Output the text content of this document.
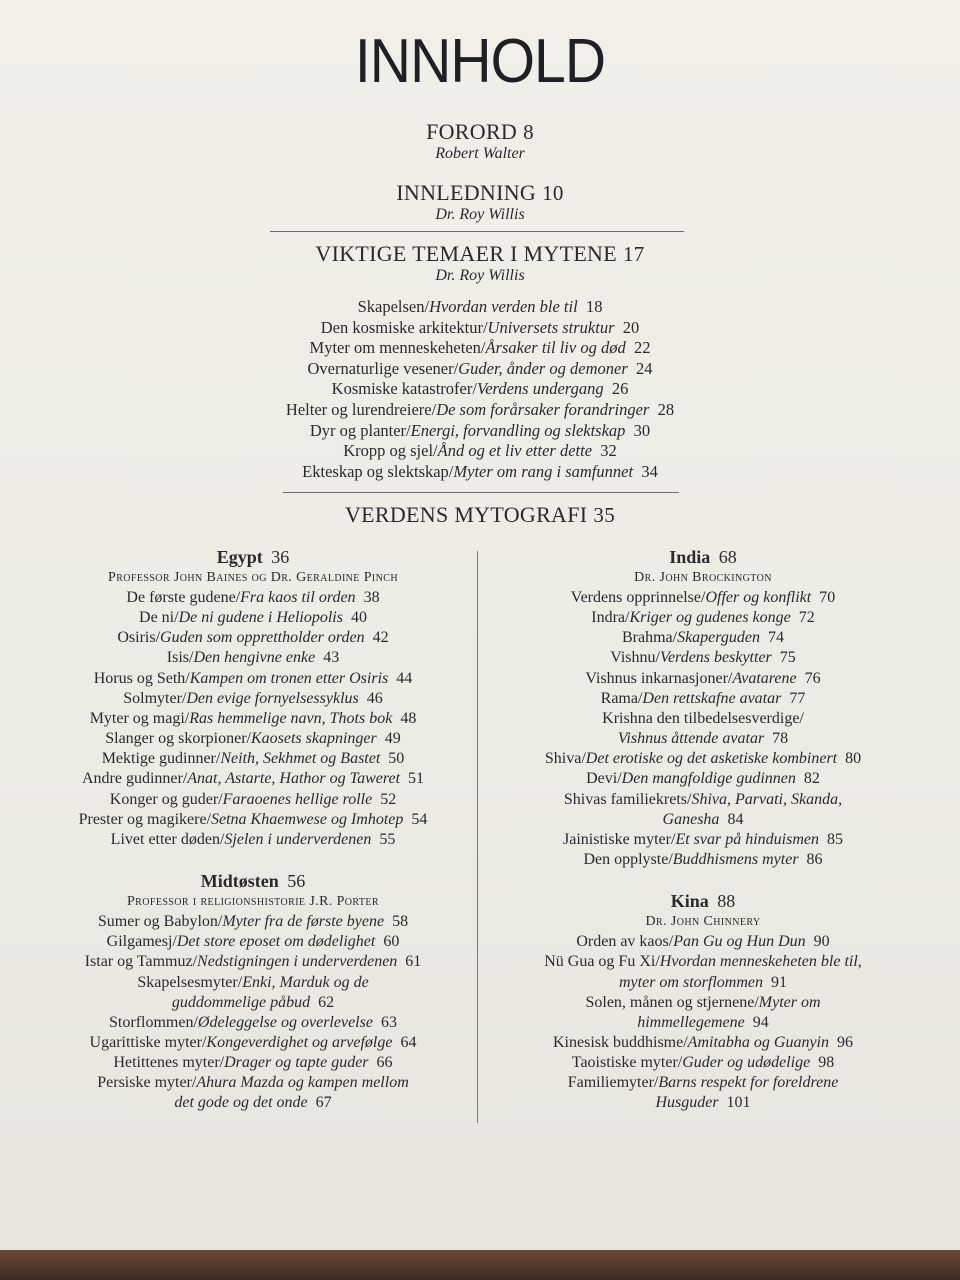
INNHOLD
FORORD 8
Robert Walter
INNLEDNING 10
Dr. Roy Willis
VIKTIGE TEMAER I MYTENE 17
Dr. Roy Willis
Skapelsen/Hvordan verden ble til 18
Den kosmiske arkitektur/Universets struktur 20
Myter om menneskeheten/Årsaker til liv og død 22
Overnaturlige vesener/Guder, ånder og demoner 24
Kosmiske katastrofer/Verdens undergang 26
Helter og lurendreiere/De som forårsaker forandringer 28
Dyr og planter/Energi, forvandling og slektskap 30
Kropp og sjel/Ånd og et liv etter dette 32
Ekteskap og slektskap/Myter om rang i samfunnet 34
VERDENS MYTOGRAFI 35
Egypt 36
Professor John Baines og Dr. Geraldine Pinch
De første gudene/Fra kaos til orden 38
De ni/De ni gudene i Heliopolis 40
Osiris/Guden som opprettholder orden 42
Isis/Den hengivne enke 43
Horus og Seth/Kampen om tronen etter Osiris 44
Solmyter/Den evige fornyelsessyklus 46
Myter og magi/Ras hemmelige navn, Thots bok 48
Slanger og skorpioner/Kaosets skapninger 49
Mektige gudinner/Neith, Sekhmet og Bastet 50
Andre gudinner/Anat, Astarte, Hathor og Taweret 51
Konger og guder/Faraoenes hellige rolle 52
Prester og magikere/Setna Khaemwese og Imhotep 54
Livet etter døden/Sjelen i underverdenen 55
Midtøsten 56
Professor i religionshistorie J.R. Porter
Sumer og Babylon/Myter fra de første byene 58
Gilgamesj/Det store eposet om dødelighet 60
Istar og Tammuz/Nedstigningen i underverdenen 61
Skapelsesmyter/Enki, Marduk og de
guddommelige påbud 62
Storflommen/Ødeleggelse og overlevelse 63
Ugarittiske myter/Kongeverdighet og arvefølge 64
Hetittenes myter/Drager og tapte guder 66
Persiske myter/Ahura Mazda og kampen mellom
det gode og det onde 67
India 68
Dr. John Brockington
Verdens opprinnelse/Offer og konflikt 70
Indra/Kriger og gudenes konge 72
Brahma/Skaperguden 74
Vishnu/Verdens beskytter 75
Vishnus inkarnasjoner/Avatarene 76
Rama/Den rettskafne avatar 77
Krishna den tilbedelsesverdige/
Vishnus åttende avatar 78
Shiva/Det erotiske og det asketiske kombinert 80
Devi/Den mangfoldige gudinnen 82
Shivas familiekrets/Shiva, Parvati, Skanda,
Ganesha 84
Jainistiske myter/Et svar på hinduismen 85
Den opplyste/Buddhismens myter 86
Kina 88
Dr. John Chinnery
Orden av kaos/Pan Gu og Hun Dun 90
Nü Gua og Fu Xi/Hvordan menneskeheten ble til,
myter om storflommen 91
Solen, månen og stjernene/Myter om
himmellegemene 94
Kinesisk buddhisme/Amitabha og Guanyin 96
Taoistiske myter/Guder og udødelige 98
Familiemyter/Barns respekt for foreldrene
Husguder 101
